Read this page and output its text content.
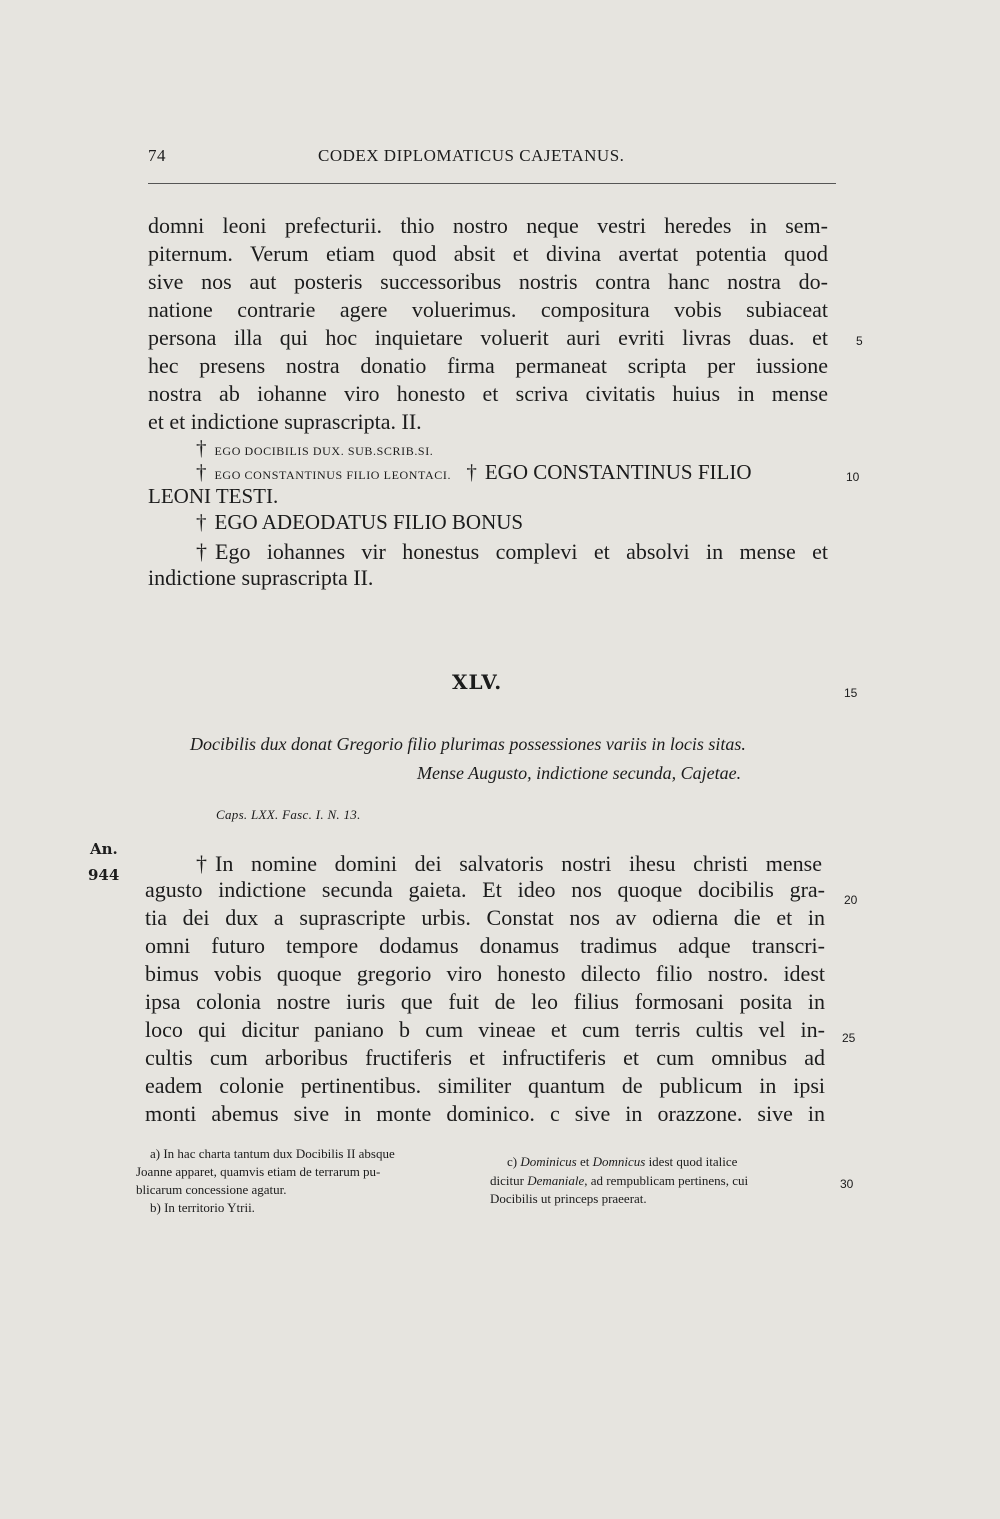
74	CODEX DIPLOMATICUS CAJETANUS.
domni leoni prefecturii. thio nostro neque vestri heredes in sem-
piternum. Verum etiam quod absit et divina avertat potentia quod
sive nos aut posteris successoribus nostris contra hanc nostra do-
natione contrarie agere voluerimus. compositura vobis subiaceat
persona illa qui hoc inquietare voluerit auri evriti livras duas. et
hec presens nostra donatio firma permaneat scripta per iussione
nostra ab iohanne viro honesto et scriva civitatis huius in mense
et et indictione suprascripta. II.
† EGO DOCIBILIS DUX. SUB.SCRIB.SI.
† EGO CONSTANTINUS FILIO LEONTACI. † EGO CONSTANTINUS FILIO
LEONI TESTI.
† EGO ADEODATUS FILIO BONUS
† Ego iohannes vir honestus complevi et absolvi in mense et
indictione suprascripta II.
XLV.
Docibilis dux donat Gregorio filio plurimas possessiones variis in locis sitas.
Mense Augusto, indictione secunda, Cajetae.
Caps. LXX. Fasc. I. N. 13.
An.
944	† In nomine domini dei salvatoris nostri ihesu christi mense
agusto indictione secunda gaieta. Et ideo nos quoque docibilis gra-
tia dei dux a suprascripte urbis. Constat nos av odierna die et in
omni futuro tempore dodamus donamus tradimus adque transcri-
bimus vobis quoque gregorio viro honesto dilecto filio nostro. idest
ipsa colonia nostre iuris que fuit de leo filius formosani posita in
loco qui dicitur paniano b cum vineae et cum terris cultis vel in-
cultis cum arboribus fructiferis et infructiferis et cum omnibus ad
eadem colonie pertinentibus. similiter quantum de publicum in ipsi
monti abemus sive in monte dominico. c sive in orazzone. sive in
5
10
15
20
25
30
a) In hac charta tantum dux Docibilis II absque
Joanne apparet, quamvis etiam de terrarum pu-
blicarum concessione agatur.
b) In territorio Ytrii.
c) Dominicus et Domnicus idest quod italice
dicitur Demaniale, ad rempublicam pertinens, cui
Docibilis ut princeps praeerat.
